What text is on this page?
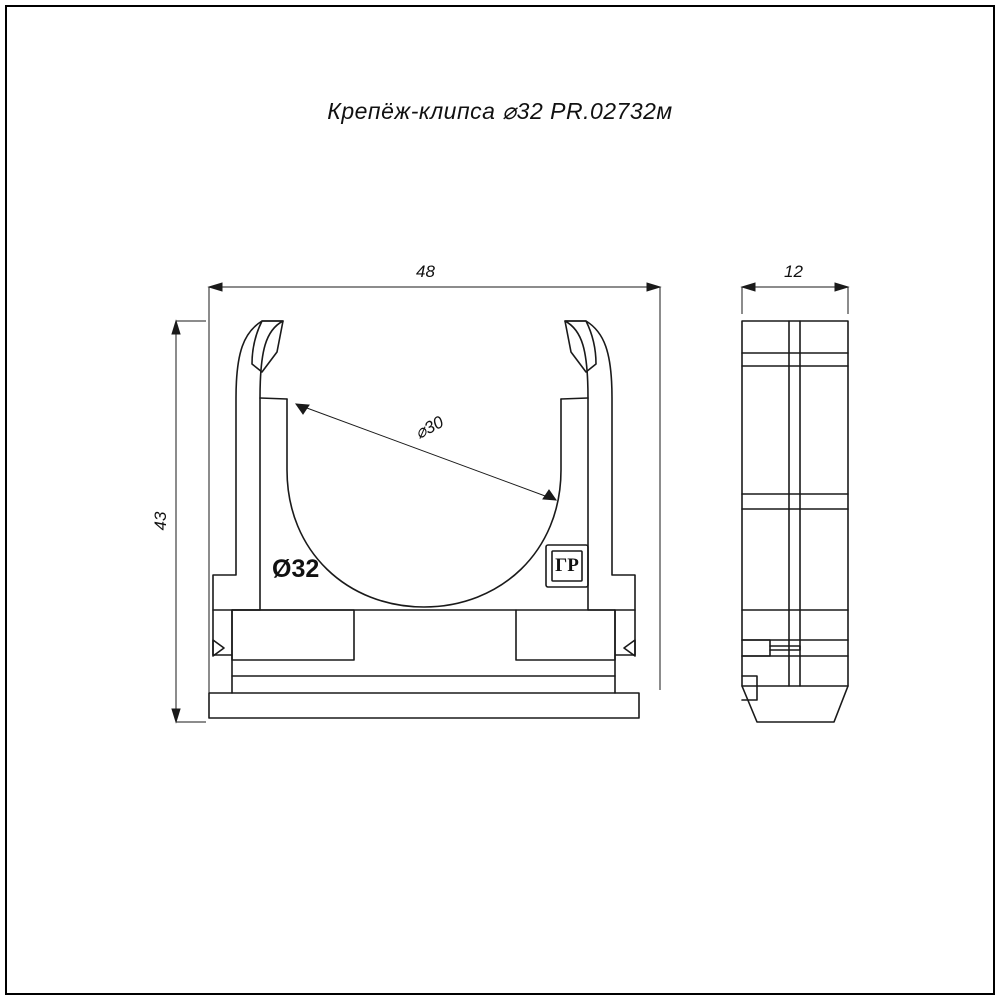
Крепёж-клипса ⌀32 PR.02732м
48
43
12
⌀30
Ø32	ГР
